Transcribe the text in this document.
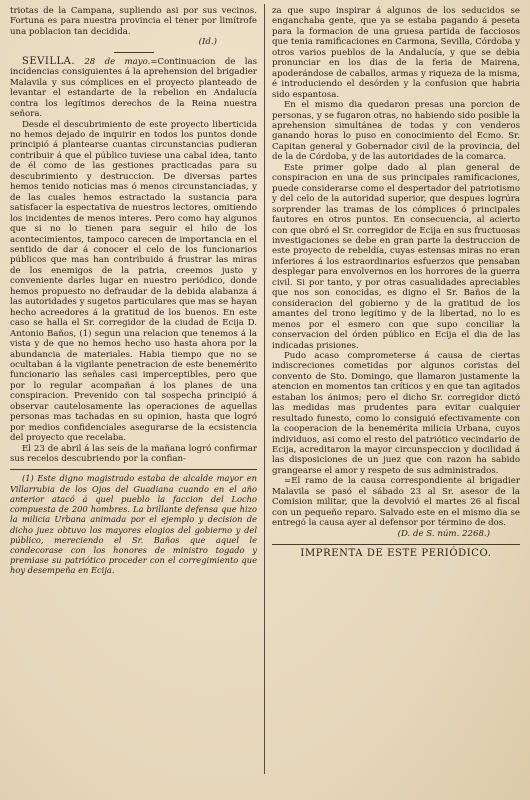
triotas de la Campana, supliendo asi por sus vecinos. Fortuna es para nuestra provincia el tener por limítrofe una poblacion tan decidida.

(Id.)

SEVILLA. 28 de mayo.=Continuacion de las incidencias consiguientes á la aprehension del brigadier Malavila y sus cómplices en el proyecto planteado de levantar el estandarte de la rebelion en Andalucía contra los legítimos derechos de la Reina nuestra señora.

Desde el descubrimiento de este proyecto liberticida no hemos dejado de inquirir en todos los puntos donde principió á plantearse cuantas circunstancias pudieran contribuir á que el público tuviese una cabal idea, tanto de él como de las gestiones practicadas para su descubrimiento y destruccion. De diversas partes hemos tenido noticias mas ó menos circunstanciadas, y de las cuales hemos estractado la sustancia para satisfacer la espectativa de nuestros lectores, omitiendo los incidentes de menos interes. Pero como hay algunos que si no lo tienen para seguir el hilo de los acontecimientos, tampoco carecen de importancia en el sentido de dar á conocer el celo de los funcionarios públicos que mas han contribuido á frustrar las miras de los enemigos de la patria, creemos justo y conveniente darles lugar en nuestro periódico, donde hemos propuesto no defraudar de la debida alabanza á las autoridades y sugetos particulares que mas se hayan hecho acreedores á la gratitud de los buenos. En este caso se halla el Sr. corregidor de la ciudad de Ecija D. Antonio Baños, (1) segun una relacion que tenemos á la vista y de que no hemos hecho uso hasta ahora por la abundancia de materiales. Habia tiempo que no se ocultaban á la vigilante penetracion de este benemérito funcionario las señales casi imperceptibles, pero que por lo regular acompañan á los planes de una conspiracion. Prevenido con tal sospecha principió á observar cautelosamente las operaciones de aquellas personas mas tachadas en su opinion, hasta que logró por medios confidenciales asegurarse de la ecsistencia del proyecto que recelaba.

El 23 de abril á las seis de la mañana logró confirmar sus recelos descubriendo por la confian-

(1) Este digno magistrado estaba de alcalde mayor en Villarrubia de los Ojos del Guadiana cuando en el año anterior atacó á quel pueblo la faccion del Locho compuesta de 200 hombres. La brillante defensa que hizo la milicia Urbana animada por el ejemplo y decision de dicho juez obtuvo los mayores elogios del gobierno y del público, mereciendo el Sr. Baños que aquel le condecorase con los honores de ministro togado y premiase su patriótico proceder con el corregimiento que hoy desempeña en Ecija.

za que supo inspirar á algunos de los seducidos se enganchaba gente, que ya se estaba pagando á peseta para la formacion de una gruesa partida de facciosos que tenia ramificaciones en Carmona, Sevilla, Córdoba y otros varios pueblos de la Andalucía, y que se debia pronunciar en los dias de la feria de Mairena, apoderándose de caballos, armas y riqueza de la misma, é introduciendo el desórden y la confusion que habria sido espantosa.

En el mismo dia quedaron presas una porcion de personas, y se fugaron otras, no habiendo sido posible la aprehension simultánea de todas y con venderos ganando horas lo puso en conocimiento del Ecmo. Sr. Capitan general y Gobernador civil de la provincia, del de la de Córdoba, y de las autoridades de la comarca.

Este primer golpe dado al plan general de conspiracion en una de sus principales ramificaciones, puede considerarse como el despertador del patriotismo y del celo de la autoridad superior, que despues logrúra sorprender las tramas de los cómplices ó principales fautores en otros puntos. En consecuencia, al acierto con que obró el Sr. corregidor de Ecija en sus fructuosas investigaciones se debe en gran parte la destruccion de este proyecto de rebeldía, cuyas estensas miras no eran inferiores á los estraordinarios esfuerzos que pensaban desplegar para envolvernos en los horrores de la guerra civil. Si por tanto, y por otras casualidades apreciables que nos son conocidas, es digno el Sr. Baños de la consideracion del gobierno y de la gratitud de los amantes del trono legítimo y de la libertad, no lo es menos por el esmero con que supo conciliar la conservacion del órden público en Ecija el dia de las indicadas prisiones.

Pudo acaso comprometerse á causa de ciertas indiscreciones cometidas por algunos coristas del convento de Sto. Domingo, que llamaron justamente la atencion en momentos tan críticos y en que tan agitados estaban los ánimos; pero el dicho Sr. corregidor dictó las medidas mas prudentes para evitar cualquier resultado funesto, como lo consiguió efectivamente con la cooperacion de la benemérita milicia Urbana, cuyos individuos, asi como el resto del patriótico vecindario de Ecija, acreditaron la mayor circunspeccion y docilidad á las disposiciones de un juez que con razon ha sabido grangearse el amor y respeto de sus administrados.

=El ramo de la causa correspondiente al brigadier Malavila se pasó el sábado 23 al Sr. asesor de la Comision militar, que la devolvió el martes 26 al fiscal con un pequeño reparo. Salvado este en el mismo dia se entregó la causa ayer al defensor por término de dos.

(D. de S. núm. 2268.)

IMPRENTA DE ESTE PERIÓDICO.
